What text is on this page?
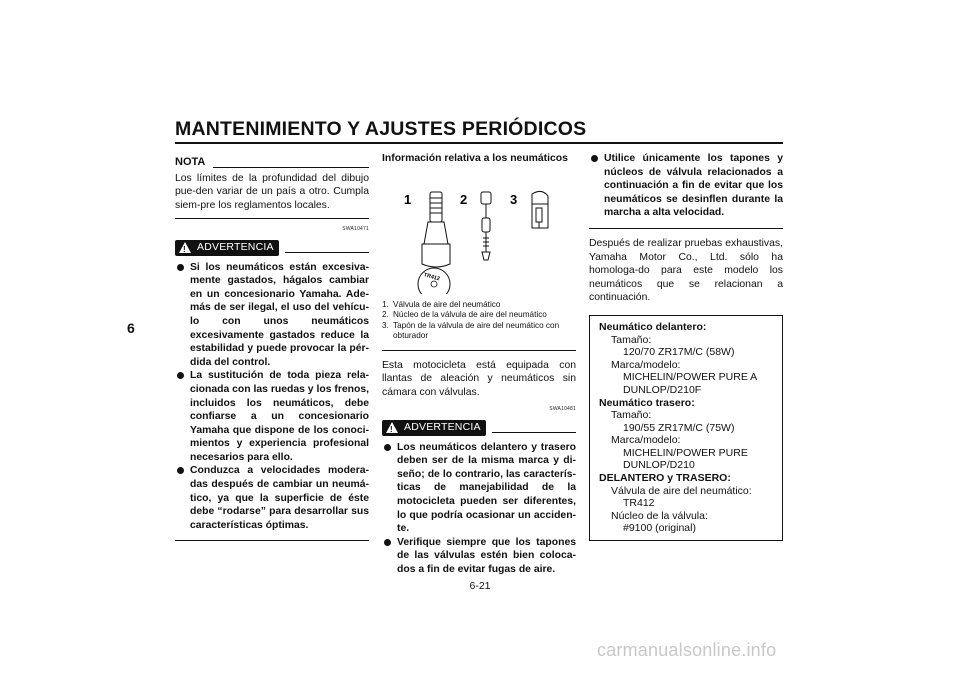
MANTENIMIENTO Y AJUSTES PERIÓDICOS
6
NOTA
Los límites de la profundidad del dibujo pue-den variar de un país a otro. Cumpla siem-pre los reglamentos locales.
SWA10471
!
ADVERTENCIA
Si los neumáticos están excesiva-mente gastados, hágalos cambiar en un concesionario Yamaha. Ade-más de ser ilegal, el uso del vehícu-lo con unos neumáticos excesivamente gastados reduce la estabilidad y puede provocar la pér-dida del control.
La sustitución de toda pieza rela-cionada con las ruedas y los frenos, incluidos los neumáticos, debe confiarse a un concesionario Yamaha que dispone de los conoci-mientos y experiencia profesional necesarios para ello.
Conduzca a velocidades modera-das después de cambiar un neumá-tico, ya que la superficie de éste debe “rodarse” para desarrollar sus características óptimas.
Información relativa a los neumáticos
1	2	3
TR412
1. Válvula de aire del neumático
2. Núcleo de la válvula de aire del neumático
3. Tapón de la válvula de aire del neumático con obturador
Esta motocicleta está equipada con llantas de aleación y neumáticos sin cámara con válvulas.
SWA10481
!
ADVERTENCIA
Los neumáticos delantero y trasero deben ser de la misma marca y di-seño; de lo contrario, las caracterís-ticas de manejabilidad de la motocicleta pueden ser diferentes, lo que podría ocasionar un acciden-te.
Verifique siempre que los tapones de las válvulas estén bien coloca-dos a fin de evitar fugas de aire.
Utilice únicamente los tapones y núcleos de válvula relacionados a continuación a fin de evitar que los neumáticos se desinflen durante la marcha a alta velocidad.
Después de realizar pruebas exhaustivas, Yamaha Motor Co., Ltd. sólo ha homologa-do para este modelo los neumáticos que se relacionan a continuación.
Neumático delantero:
Tamaño:
120/70 ZR17M/C (58W)
Marca/modelo:
MICHELIN/POWER PURE A
DUNLOP/D210F
Neumático trasero:
Tamaño:
190/55 ZR17M/C (75W)
Marca/modelo:
MICHELIN/POWER PURE
DUNLOP/D210
DELANTERO y TRASERO:
Válvula de aire del neumático:
TR412
Núcleo de la válvula:
#9100 (original)
6-21
carmanualsonline.info
